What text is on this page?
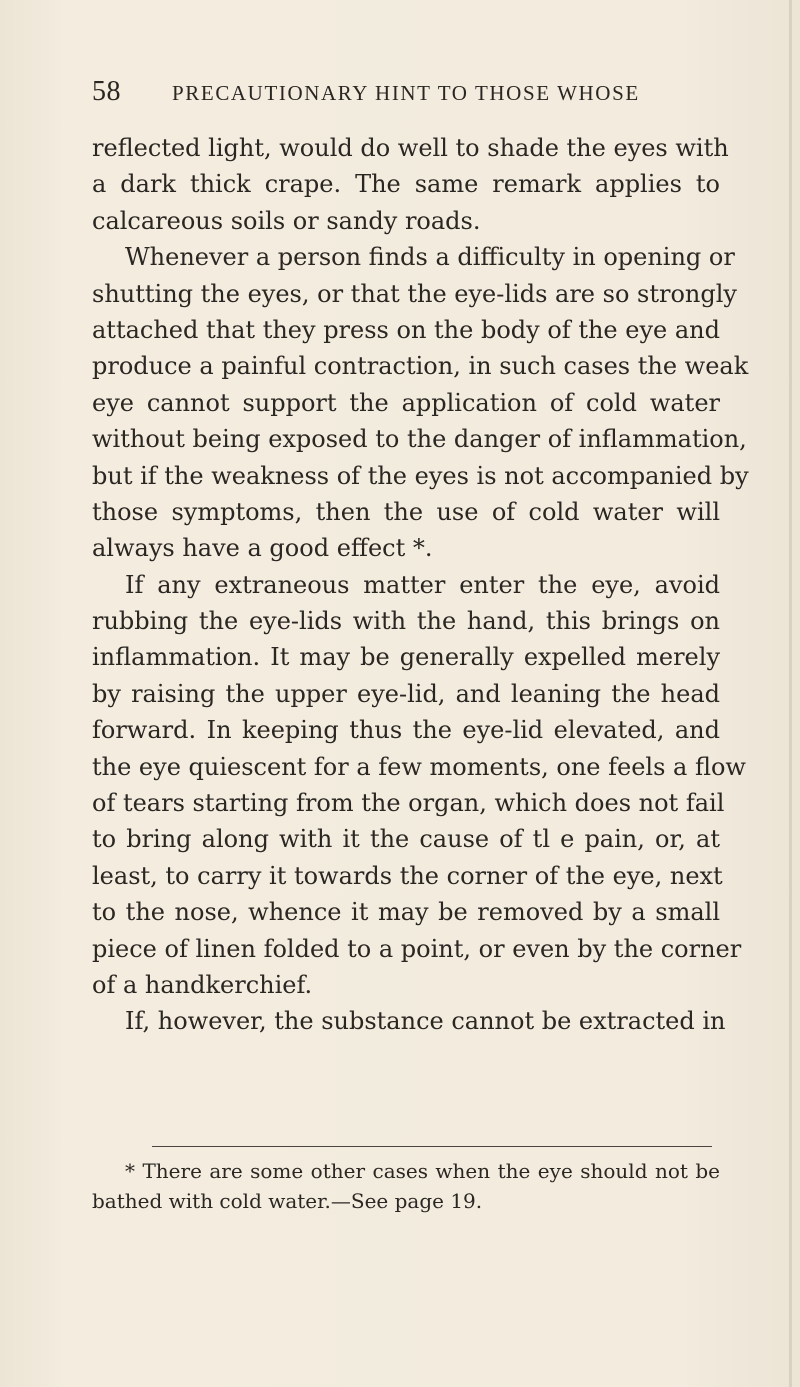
58 PRECAUTIONARY HINT TO THOSE WHOSE
reflected light, would do well to shade the eyes with
a dark thick crape. The same remark applies to
calcareous soils or sandy roads.
Whenever a person finds a difficulty in opening or
shutting the eyes, or that the eye-lids are so strongly
attached that they press on the body of the eye and
produce a painful contraction, in such cases the weak
eye cannot support the application of cold water
without being exposed to the danger of inflammation,
but if the weakness of the eyes is not accompanied by
those symptoms, then the use of cold water will
always have a good effect *.
If any extraneous matter enter the eye, avoid
rubbing the eye-lids with the hand, this brings on
inflammation. It may be generally expelled merely
by raising the upper eye-lid, and leaning the head
forward. In keeping thus the eye-lid elevated, and
the eye quiescent for a few moments, one feels a flow
of tears starting from the organ, which does not fail
to bring along with it the cause of tl e pain, or, at
least, to carry it towards the corner of the eye, next
to the nose, whence it may be removed by a small
piece of linen folded to a point, or even by the corner
of a handkerchief.
If, however, the substance cannot be extracted in
* There are some other cases when the eye should not be
bathed with cold water.—See page 19.
